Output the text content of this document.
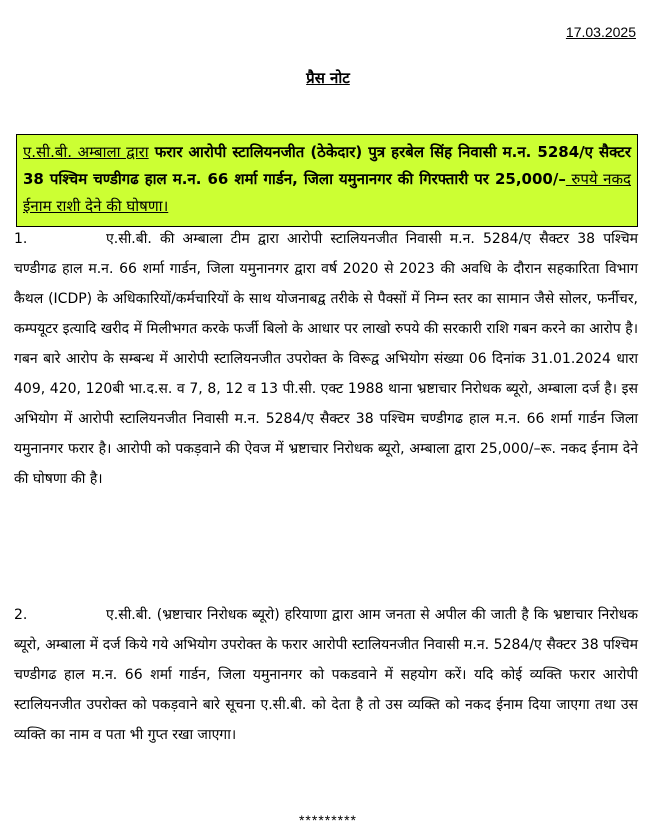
17.03.2025
प्रैस नोट
ए.सी.बी. अम्बाला द्वारा फरार आरोपी स्टालियनजीत (ठेकेदार) पुत्र हरबेल सिंह निवासी म.न. 5284/ए सैक्टर 38 पश्चिम चण्डीगढ हाल म.न. 66 शर्मा गार्डन, जिला यमुनानगर की गिरफ्तारी पर 25,000/– रुपये नकद ईनाम राशी देने की घोषणा।
1.	ए.सी.बी. की अम्बाला टीम द्वारा आरोपी स्टालियनजीत निवासी म.न. 5284/ए सैक्टर 38 पश्चिम चण्डीगढ हाल म.न. 66 शर्मा गार्डन, जिला यमुनानगर द्वारा वर्ष 2020 से 2023 की अवधि के दौरान सहकारिता विभाग कैथल (ICDP) के अधिकारियों/कर्मचारियों के साथ योजनाबद्व तरीके से पैक्सों में निम्न स्तर का सामान जैसे सोलर, फर्नीचर, कम्पयूटर इत्यादि खरीद में मिलीभगत करके फर्जी बिलो के आधार पर लाखो रुपये की सरकारी राशि गबन करने का आरोप है। गबन बारे आरोप के सम्बन्ध में आरोपी स्टालियनजीत उपरोक्त के विरूद्व अभियोग संख्या 06 दिनांक 31.01.2024 धारा 409, 420, 120बी भा.द.स. व 7, 8, 12 व 13 पी.सी. एक्ट 1988 थाना भ्रष्टाचार निरोधक ब्यूरो, अम्बाला दर्ज है। इस अभियोग में आरोपी स्टालियनजीत निवासी म.न. 5284/ए सैक्टर 38 पश्चिम चण्डीगढ हाल म.न. 66 शर्मा गार्डन जिला यमुनानगर फरार है। आरोपी को पकड़वाने की ऐवज में भ्रष्टाचार निरोधक ब्यूरो, अम्बाला द्वारा 25,000/–रू. नकद ईनाम देने की घोषणा की है।
2.	ए.सी.बी. (भ्रष्टाचार निरोधक ब्यूरो) हरियाणा द्वारा आम जनता से अपील की जाती है कि भ्रष्टाचार निरोधक ब्यूरो, अम्बाला में दर्ज किये गये अभियोग उपरोक्त के फरार आरोपी स्टालियनजीत निवासी म.न. 5284/ए सैक्टर 38 पश्चिम चण्डीगढ हाल म.न. 66 शर्मा गार्डन, जिला यमुनानगर को पकडवाने में सहयोग करें। यदि कोई व्यक्ति फरार आरोपी स्टालियनजीत उपरोक्त को पकड़वाने बारे सूचना ए.सी.बी. को देता है तो उस व्यक्ति को नकद ईनाम दिया जाएगा तथा उस व्यक्ति का नाम व पता भी गुप्त रखा जाएगा।
*********
